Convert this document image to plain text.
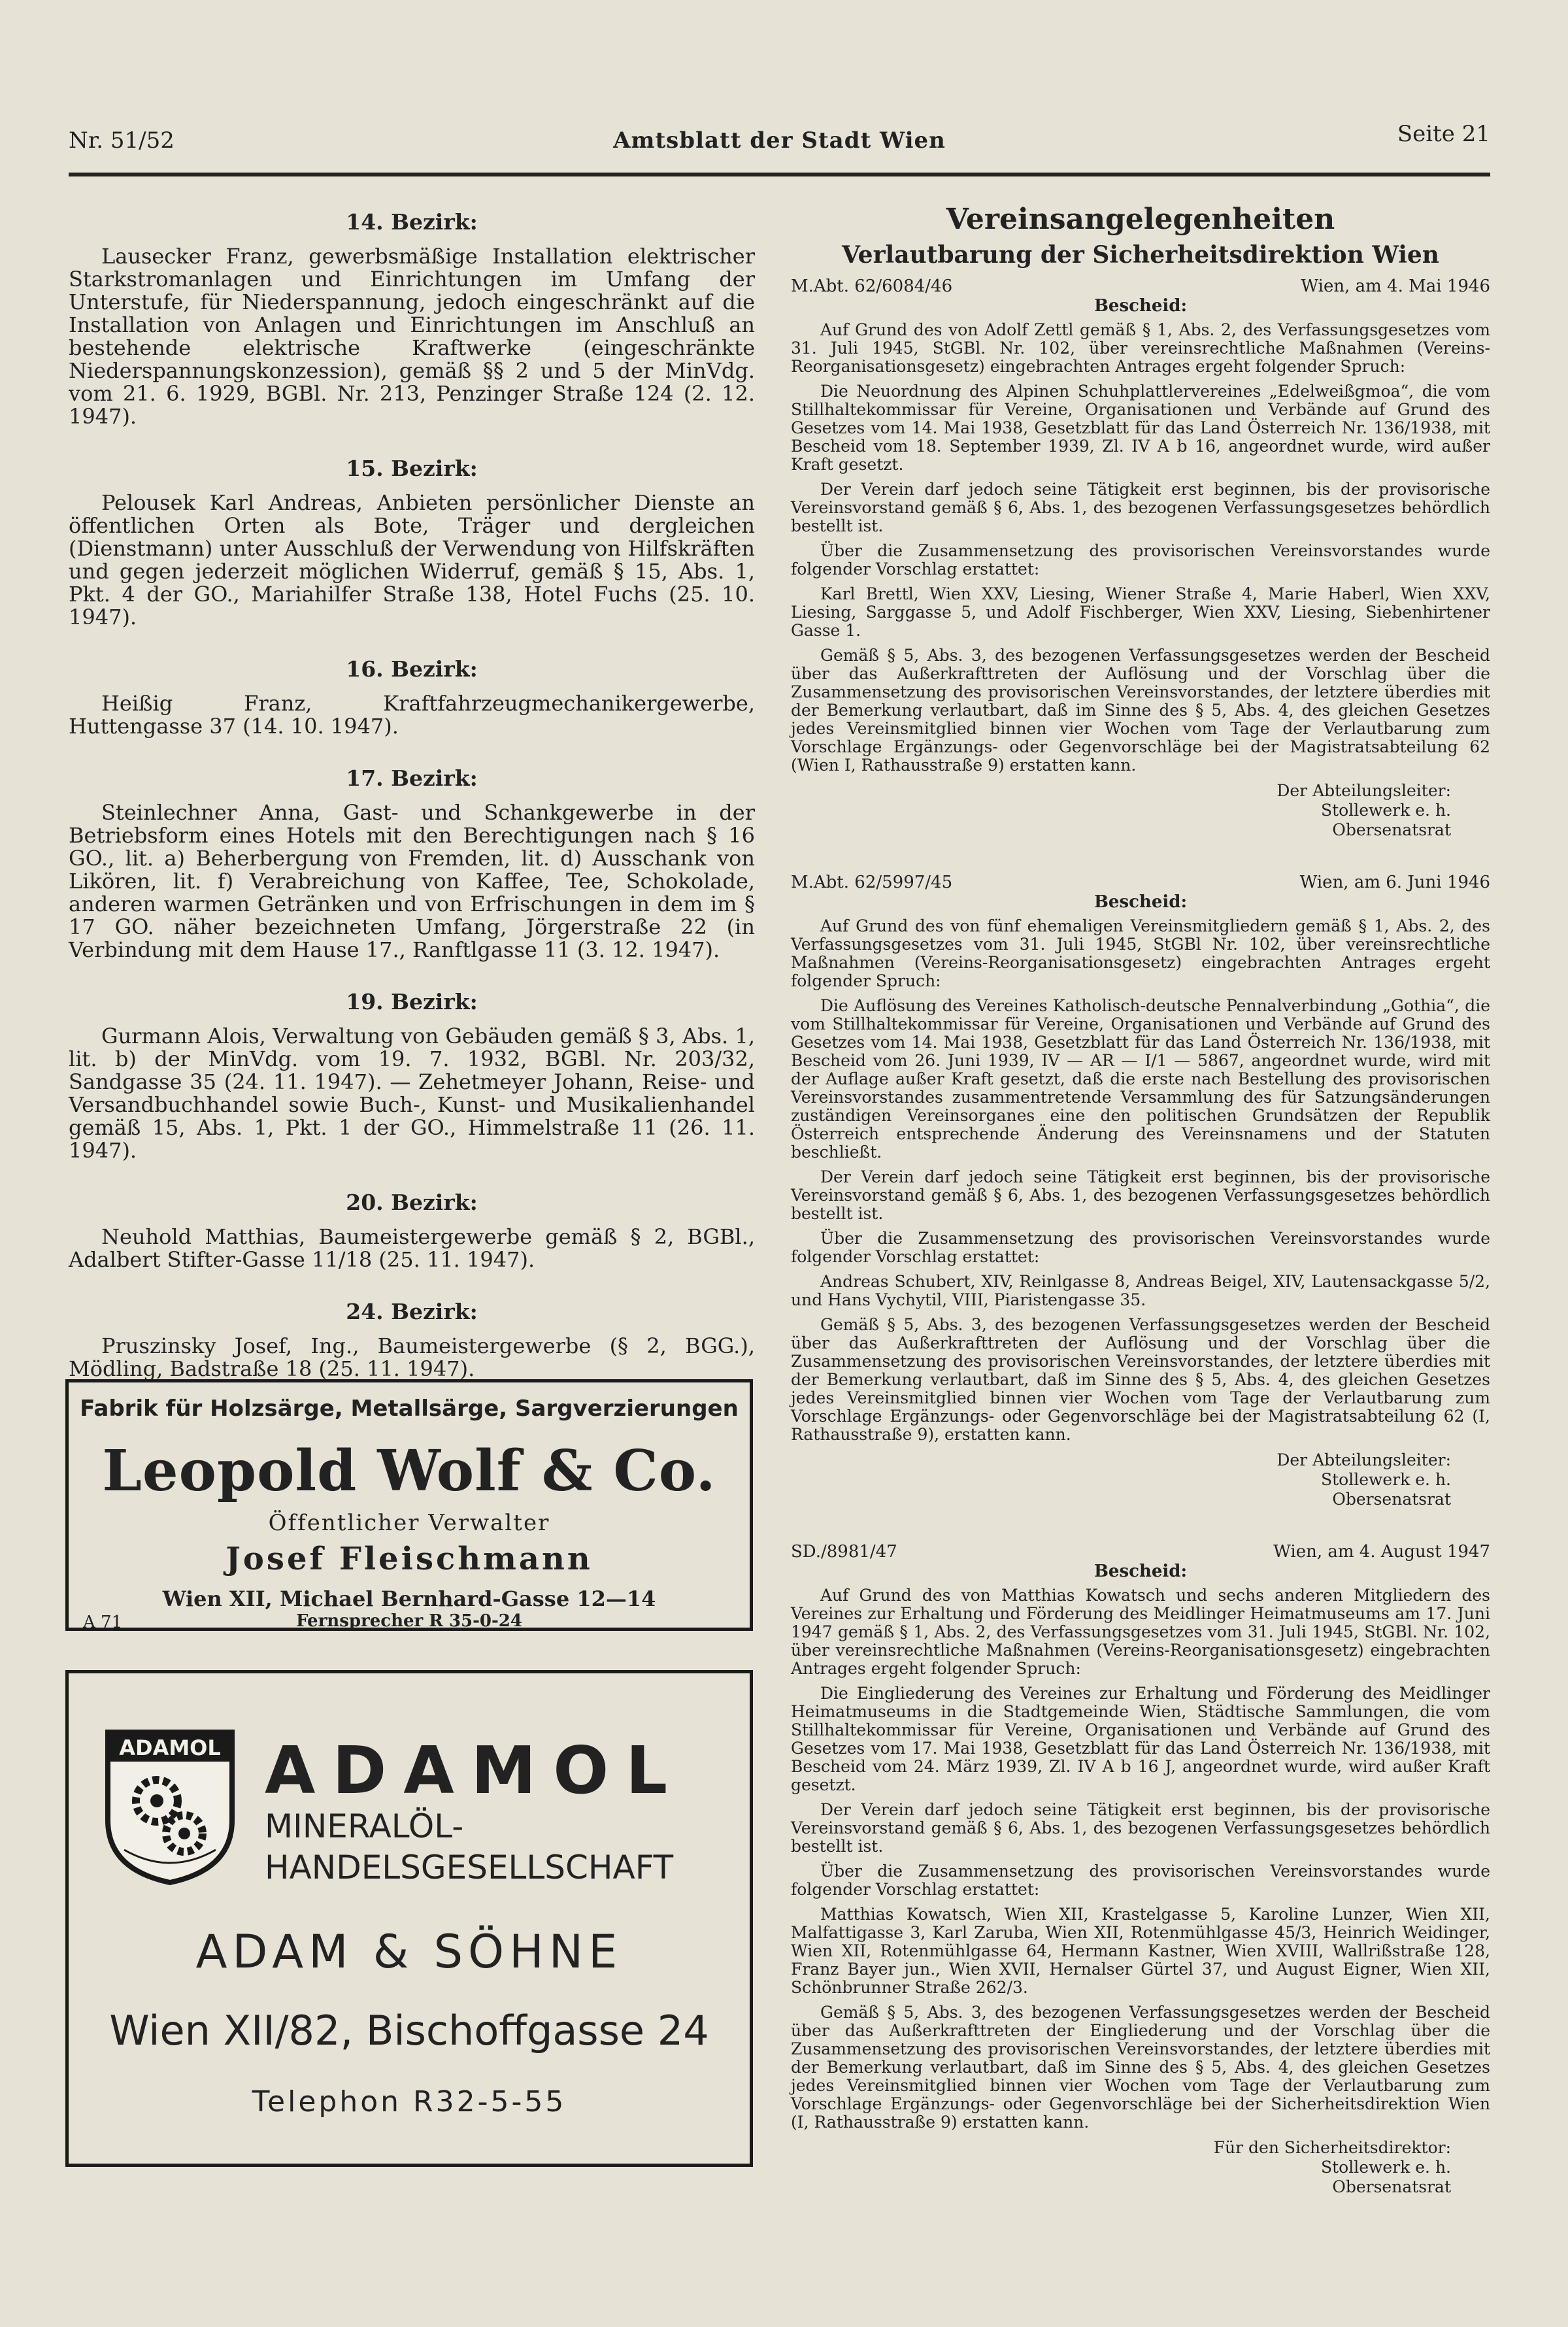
Nr. 51/52	Amtsblatt der Stadt Wien	Seite 21
14. Bezirk:

Lausecker Franz, gewerbsmäßige Installation elektrischer Starkstromanlagen und Einrichtungen im Umfang der Unterstufe, für Niederspannung, jedoch eingeschränkt auf die Installation von Anlagen und Einrichtungen im Anschluß an bestehende elektrische Kraftwerke (eingeschränkte Niederspannungskonzession), gemäß §§ 2 und 5 der MinVdg. vom 21. 6. 1929, BGBl. Nr. 213, Penzinger Straße 124 (2. 12. 1947).

15. Bezirk:

Pelousek Karl Andreas, Anbieten persönlicher Dienste an öffentlichen Orten als Bote, Träger und dergleichen (Dienstmann) unter Ausschluß der Verwendung von Hilfskräften und gegen jederzeit möglichen Widerruf, gemäß § 15, Abs. 1, Pkt. 4 der GO., Mariahilfer Straße 138, Hotel Fuchs (25. 10. 1947).

16. Bezirk:

Heißig Franz, Kraftfahrzeugmechanikergewerbe, Huttengasse 37 (14. 10. 1947).

17. Bezirk:

Steinlechner Anna, Gast- und Schankgewerbe in der Betriebsform eines Hotels mit den Berechtigungen nach § 16 GO., lit. a) Beherbergung von Fremden, lit. d) Ausschank von Likören, lit. f) Verabreichung von Kaffee, Tee, Schokolade, anderen warmen Getränken und von Erfrischungen in dem im § 17 GO. näher bezeichneten Umfang, Jörgerstraße 22 (in Verbindung mit dem Hause 17., Ranftlgasse 11 (3. 12. 1947).

19. Bezirk:

Gurmann Alois, Verwaltung von Gebäuden gemäß § 3, Abs. 1, lit. b) der MinVdg. vom 19. 7. 1932, BGBl. Nr. 203/32, Sandgasse 35 (24. 11. 1947). — Zehetmeyer Johann, Reise- und Versandbuchhandel sowie Buch-, Kunst- und Musikalienhandel gemäß 15, Abs. 1, Pkt. 1 der GO., Himmelstraße 11 (26. 11. 1947).

20. Bezirk:

Neuhold Matthias, Baumeistergewerbe gemäß § 2, BGBl., Adalbert Stifter-Gasse 11/18 (25. 11. 1947).

24. Bezirk:

Pruszinsky Josef, Ing., Baumeistergewerbe (§ 2, BGG.), Mödling, Badstraße 18 (25. 11. 1947).

Fabrik für Holzsärge, Metallsärge, Sargverzierungen
Leopold Wolf & Co.
Öffentlicher Verwalter
Josef Fleischmann
Wien XII, Michael Bernhard-Gasse 12—14
Fernsprecher R 35-0-24
A 71
ADAMOL ADAMOL
MINERALÖL-
HANDELSGESELLSCHAFT
ADAM & SÖHNE
Wien XII/82, Bischoffgasse 24
Telephon R32-5-55
Vereinsangelegenheiten
Verlautbarung der Sicherheitsdirektion Wien
M.Abt. 62/6084/46	Wien, am 4. Mai 1946
Bescheid:

Auf Grund des von Adolf Zettl gemäß § 1, Abs. 2, des Verfassungsgesetzes vom 31. Juli 1945, StGBl. Nr. 102, über vereinsrechtliche Maßnahmen (Vereins-Reorganisationsgesetz) eingebrachten Antrages ergeht folgender Spruch:

Die Neuordnung des Alpinen Schuhplattlervereines „Edelweißgmoa“, die vom Stillhaltekommissar für Vereine, Organisationen und Verbände auf Grund des Gesetzes vom 14. Mai 1938, Gesetzblatt für das Land Österreich Nr. 136/1938, mit Bescheid vom 18. September 1939, Zl. IV A b 16, angeordnet wurde, wird außer Kraft gesetzt.

Der Verein darf jedoch seine Tätigkeit erst beginnen, bis der provisorische Vereinsvorstand gemäß § 6, Abs. 1, des bezogenen Verfassungsgesetzes behördlich bestellt ist.

Über die Zusammensetzung des provisorischen Vereinsvorstandes wurde folgender Vorschlag erstattet:

Karl Brettl, Wien XXV, Liesing, Wiener Straße 4, Marie Haberl, Wien XXV, Liesing, Sarggasse 5, und Adolf Fischberger, Wien XXV, Liesing, Siebenhirtener Gasse 1.

Gemäß § 5, Abs. 3, des bezogenen Verfassungsgesetzes werden der Bescheid über das Außerkrafttreten der Auflösung und der Vorschlag über die Zusammensetzung des provisorischen Vereinsvorstandes, der letztere überdies mit der Bemerkung verlautbart, daß im Sinne des § 5, Abs. 4, des gleichen Gesetzes jedes Vereinsmitglied binnen vier Wochen vom Tage der Verlautbarung zum Vorschlage Ergänzungs- oder Gegenvorschläge bei der Magistratsabteilung 62 (Wien I, Rathausstraße 9) erstatten kann.

Der Abteilungsleiter:
Stollewerk e. h.
Obersenatsrat
M.Abt. 62/5997/45	Wien, am 6. Juni 1946
Bescheid:

Auf Grund des von fünf ehemaligen Vereinsmitgliedern gemäß § 1, Abs. 2, des Verfassungsgesetzes vom 31. Juli 1945, StGBl Nr. 102, über vereinsrechtliche Maßnahmen (Vereins-Reorganisationsgesetz) eingebrachten Antrages ergeht folgender Spruch:

Die Auflösung des Vereines Katholisch-deutsche Pennalverbindung „Gothia“, die vom Stillhaltekommissar für Vereine, Organisationen und Verbände auf Grund des Gesetzes vom 14. Mai 1938, Gesetzblatt für das Land Österreich Nr. 136/1938, mit Bescheid vom 26. Juni 1939, IV — AR — I/1 — 5867, angeordnet wurde, wird mit der Auflage außer Kraft gesetzt, daß die erste nach Bestellung des provisorischen Vereinsvorstandes zusammentretende Versammlung des für Satzungsänderungen zuständigen Vereinsorganes eine den politischen Grundsätzen der Republik Österreich entsprechende Änderung des Vereinsnamens und der Statuten beschließt.

Der Verein darf jedoch seine Tätigkeit erst beginnen, bis der provisorische Vereinsvorstand gemäß § 6, Abs. 1, des bezogenen Verfassungsgesetzes behördlich bestellt ist.

Über die Zusammensetzung des provisorischen Vereinsvorstandes wurde folgender Vorschlag erstattet:

Andreas Schubert, XIV, Reinlgasse 8, Andreas Beigel, XIV, Lautensackgasse 5/2, und Hans Vychytil, VIII, Piaristengasse 35.

Gemäß § 5, Abs. 3, des bezogenen Verfassungsgesetzes werden der Bescheid über das Außerkrafttreten der Auflösung und der Vorschlag über die Zusammensetzung des provisorischen Vereinsvorstandes, der letztere überdies mit der Bemerkung verlautbart, daß im Sinne des § 5, Abs. 4, des gleichen Gesetzes jedes Vereinsmitglied binnen vier Wochen vom Tage der Verlautbarung zum Vorschlage Ergänzungs- oder Gegenvorschläge bei der Magistratsabteilung 62 (I, Rathausstraße 9), erstatten kann.

Der Abteilungsleiter:
Stollewerk e. h.
Obersenatsrat
SD./8981/47	Wien, am 4. August 1947
Bescheid:

Auf Grund des von Matthias Kowatsch und sechs anderen Mitgliedern des Vereines zur Erhaltung und Förderung des Meidlinger Heimatmuseums am 17. Juni 1947 gemäß § 1, Abs. 2, des Verfassungsgesetzes vom 31. Juli 1945, StGBl. Nr. 102, über vereinsrechtliche Maßnahmen (Vereins-Reorganisationsgesetz) eingebrachten Antrages ergeht folgender Spruch:

Die Eingliederung des Vereines zur Erhaltung und Förderung des Meidlinger Heimatmuseums in die Stadtgemeinde Wien, Städtische Sammlungen, die vom Stillhaltekommissar für Vereine, Organisationen und Verbände auf Grund des Gesetzes vom 17. Mai 1938, Gesetzblatt für das Land Österreich Nr. 136/1938, mit Bescheid vom 24. März 1939, Zl. IV A b 16 J, angeordnet wurde, wird außer Kraft gesetzt.

Der Verein darf jedoch seine Tätigkeit erst beginnen, bis der provisorische Vereinsvorstand gemäß § 6, Abs. 1, des bezogenen Verfassungsgesetzes behördlich bestellt ist.

Über die Zusammensetzung des provisorischen Vereinsvorstandes wurde folgender Vorschlag erstattet:

Matthias Kowatsch, Wien XII, Krastelgasse 5, Karoline Lunzer, Wien XII, Malfattigasse 3, Karl Zaruba, Wien XII, Rotenmühlgasse 45/3, Heinrich Weidinger, Wien XII, Rotenmühlgasse 64, Hermann Kastner, Wien XVIII, Wallrißstraße 128, Franz Bayer jun., Wien XVII, Hernalser Gürtel 37, und August Eigner, Wien XII, Schönbrunner Straße 262/3.

Gemäß § 5, Abs. 3, des bezogenen Verfassungsgesetzes werden der Bescheid über das Außerkrafttreten der Eingliederung und der Vorschlag über die Zusammensetzung des provisorischen Vereinsvorstandes, der letztere überdies mit der Bemerkung verlautbart, daß im Sinne des § 5, Abs. 4, des gleichen Gesetzes jedes Vereinsmitglied binnen vier Wochen vom Tage der Verlautbarung zum Vorschlage Ergänzungs- oder Gegenvorschläge bei der Sicherheitsdirektion Wien (I, Rathausstraße 9) erstatten kann.

Für den Sicherheitsdirektor:
Stollewerk e. h.
Obersenatsrat
